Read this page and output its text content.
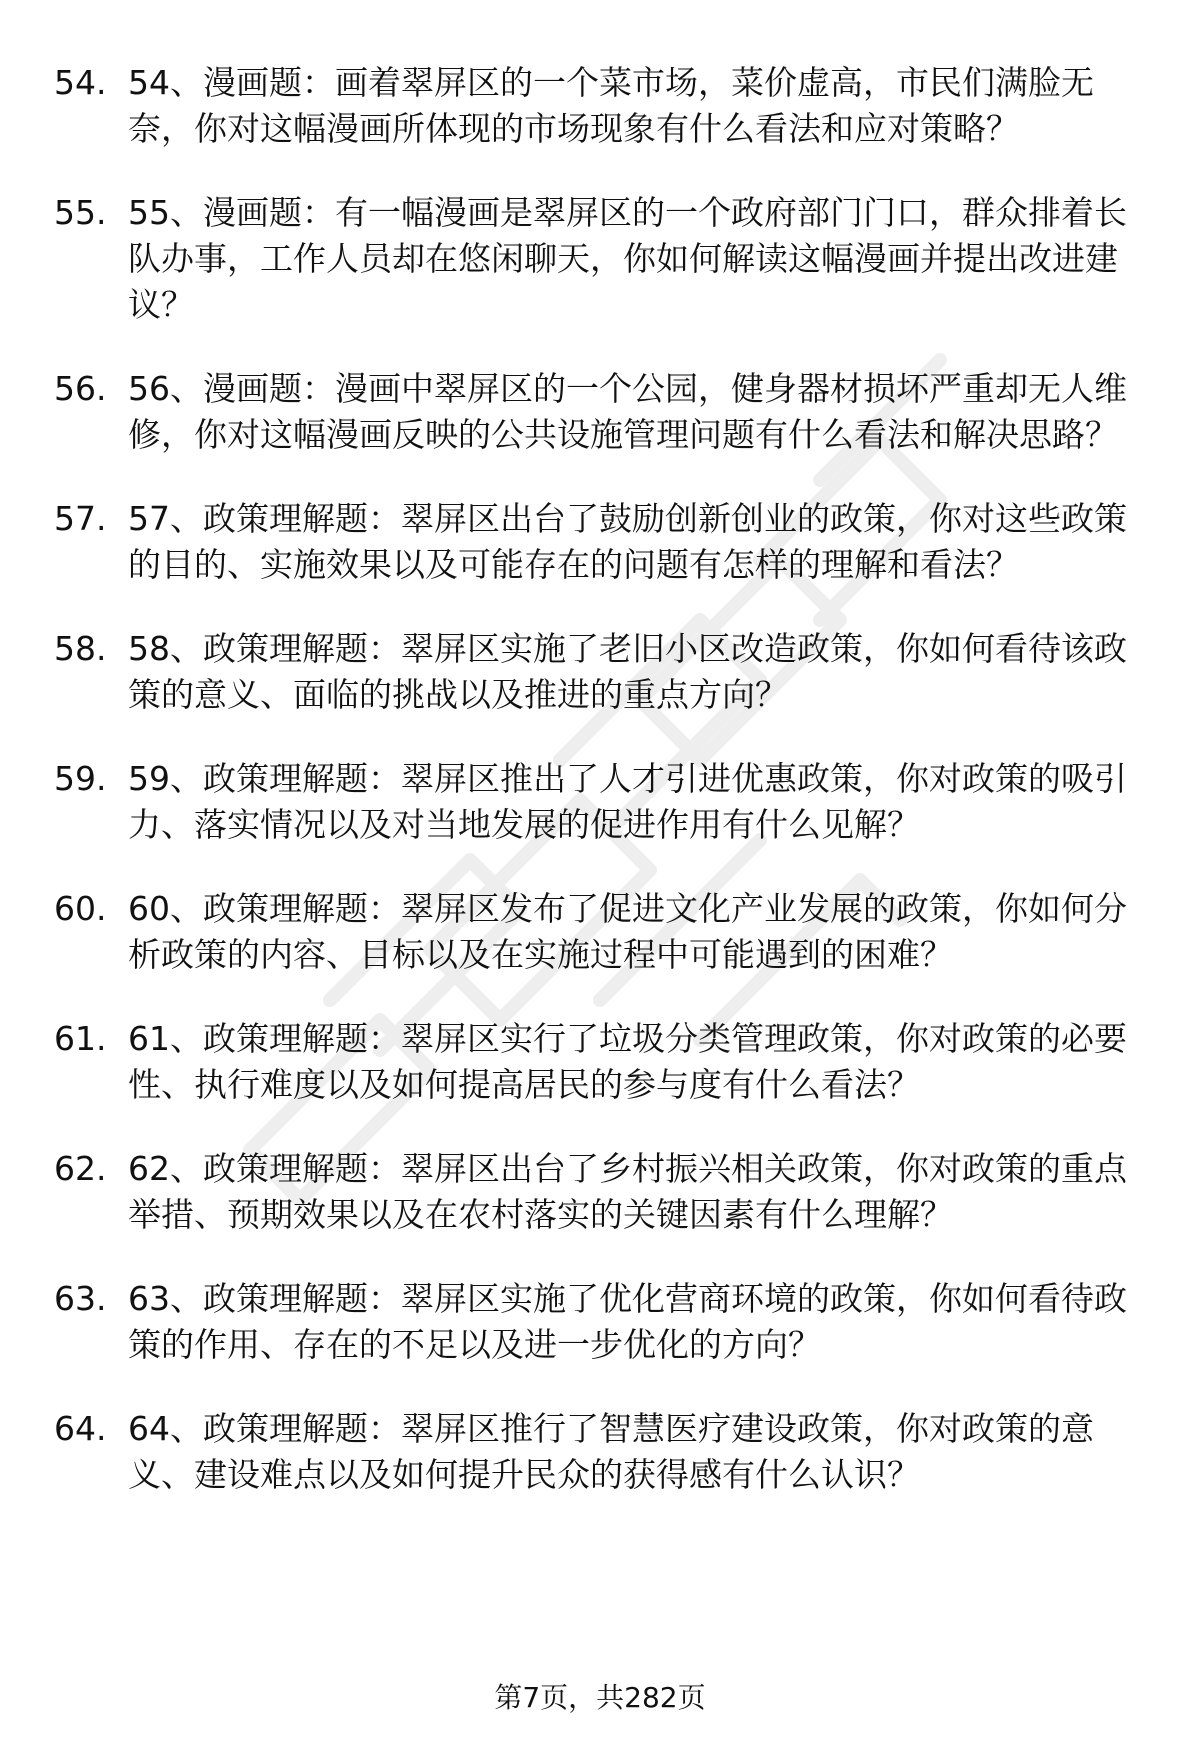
54. 54、漫画题：画着翠屏区的一个菜市场，菜价虚高，市民们满脸无奈，你对这幅漫画所体现的市场现象有什么看法和应对策略？
55. 55、漫画题：有一幅漫画是翠屏区的一个政府部门门口，群众排着长队办事，工作人员却在悠闲聊天，你如何解读这幅漫画并提出改进建议？
56. 56、漫画题：漫画中翠屏区的一个公园，健身器材损坏严重却无人维修，你对这幅漫画反映的公共设施管理问题有什么看法和解决思路？
57. 57、政策理解题：翠屏区出台了鼓励创新创业的政策，你对这些政策的目的、实施效果以及可能存在的问题有怎样的理解和看法？
58. 58、政策理解题：翠屏区实施了老旧小区改造政策，你如何看待该政策的意义、面临的挑战以及推进的重点方向？
59. 59、政策理解题：翠屏区推出了人才引进优惠政策，你对政策的吸引力、落实情况以及对当地发展的促进作用有什么见解？
60. 60、政策理解题：翠屏区发布了促进文化产业发展的政策，你如何分析政策的内容、目标以及在实施过程中可能遇到的困难？
61. 61、政策理解题：翠屏区实行了垃圾分类管理政策，你对政策的必要性、执行难度以及如何提高居民的参与度有什么看法？
62. 62、政策理解题：翠屏区出台了乡村振兴相关政策，你对政策的重点举措、预期效果以及在农村落实的关键因素有什么理解？
63. 63、政策理解题：翠屏区实施了优化营商环境的政策，你如何看待政策的作用、存在的不足以及进一步优化的方向？
64. 64、政策理解题：翠屏区推行了智慧医疗建设政策，你对政策的意义、建设难点以及如何提升民众的获得感有什么认识？
第7页，共282页
